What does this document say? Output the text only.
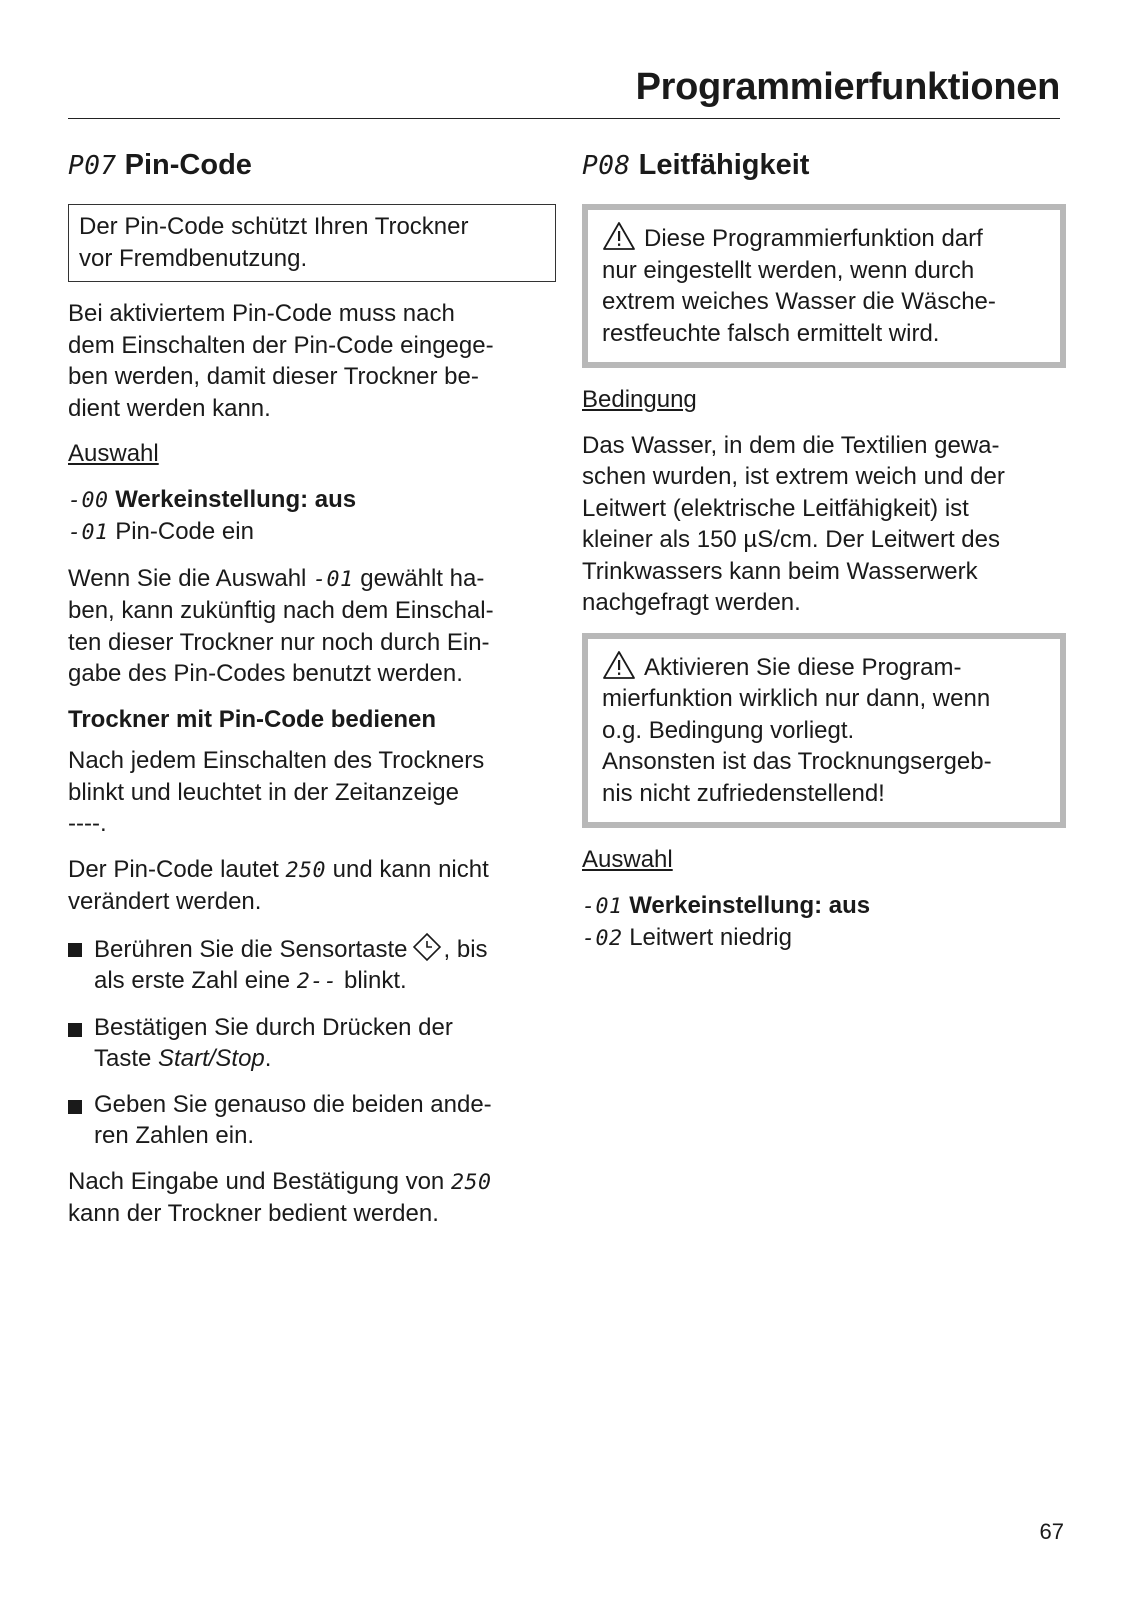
Programmierfunktionen
P07 Pin-Code
Der Pin-Code schützt Ihren Trockner
vor Fremdbenutzung.
Bei aktiviertem Pin-Code muss nach
dem Einschalten der Pin-Code eingege-
ben werden, damit dieser Trockner be-
dient werden kann.

Auswahl

-00 Werkeinstellung: aus
-01 Pin-Code ein
Wenn Sie die Auswahl -01 gewählt ha-
ben, kann zukünftig nach dem Einschal-
ten dieser Trockner nur noch durch Ein-
gabe des Pin-Codes benutzt werden.

Trockner mit Pin-Code bedienen

Nach jedem Einschalten des Trockners
blinkt und leuchtet in der Zeitanzeige
----.
Der Pin-Code lautet 250 und kann nicht
verändert werden.
Berühren Sie die Sensortaste , bis
als erste Zahl eine 2-- blinkt.
Bestätigen Sie durch Drücken der
Taste Start/Stop.
Geben Sie genauso die beiden ande-
ren Zahlen ein.
Nach Eingabe und Bestätigung von 250
kann der Trockner bedient werden.
P08 Leitfähigkeit
Diese Programmierfunktion darf
nur eingestellt werden, wenn durch
extrem weiches Wasser die Wäsche-
restfeuchte falsch ermittelt wird.

Bedingung

Das Wasser, in dem die Textilien gewa-
schen wurden, ist extrem weich und der
Leitwert (elektrische Leitfähigkeit) ist
kleiner als 150 µS/cm. Der Leitwert des
Trinkwassers kann beim Wasserwerk
nachgefragt werden.
Aktivieren Sie diese Program-
mierfunktion wirklich nur dann, wenn
o.g. Bedingung vorliegt.
Ansonsten ist das Trocknungsergeb-
nis nicht zufriedenstellend!

Auswahl

-01 Werkeinstellung: aus
-02 Leitwert niedrig
67
